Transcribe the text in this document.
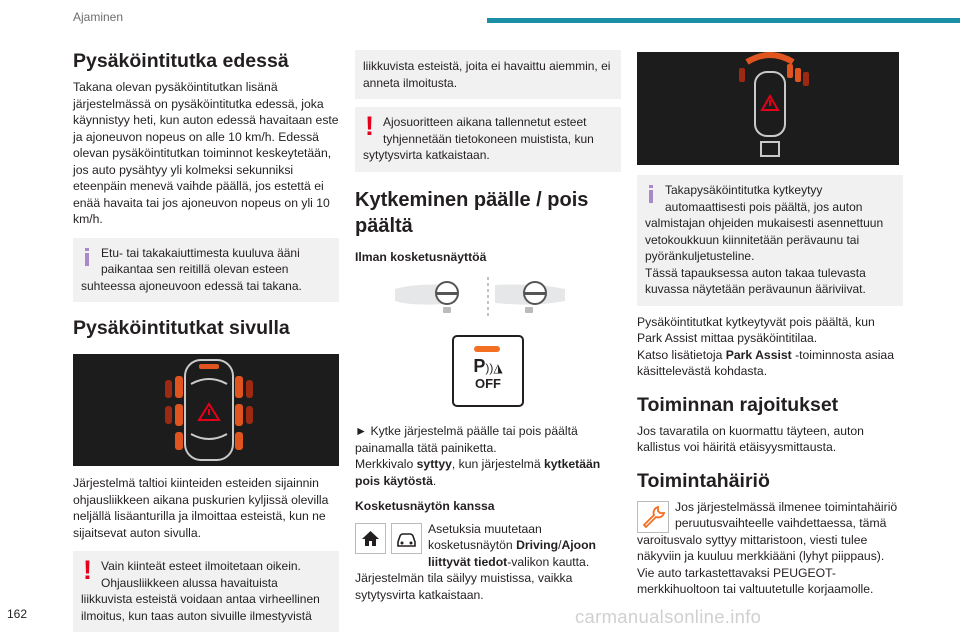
Ajaminen
Pysäköintitutka edessä

Takana olevan pysäköintitutkan lisänä järjestelmässä on pysäköintitutka edessä, joka käynnistyy heti, kun auton edessä havaitaan este ja ajoneuvon nopeus on alle 10 km/h. Edessä olevan pysäköintitutkan toiminnot keskeytetään, jos auto pysähtyy yli kolmeksi sekunniksi eteenpäin menevä vaihde päällä, jos estettä ei enää havaita tai jos ajoneuvon nopeus on yli 10 km/h.

Etu- tai takakaiuttimesta kuuluva ääni paikantaa sen reitillä olevan esteen
suhteessa ajoneuvoon edessä tai takana.
Pysäköintitutkat sivulla

Järjestelmä taltioi kiinteiden esteiden sijainnin ohjausliikkeen aikana puskurien kyljissä olevilla neljällä lisäanturilla ja ilmoittaa esteistä, kun ne sijaitsevat auton sivulla.

! Vain kiinteät esteet ilmoitetaan oikein. Ohjausliikkeen alussa havaituista
liikkuvista esteistä voidaan antaa virheellinen ilmoitus, kun taas auton sivuille ilmestyvistä
liikkuvista esteistä, joita ei havaittu aiemmin, ei anneta ilmoitusta.
! Ajosuoritteen aikana tallennetut esteet tyhjennetään tietokoneen muistista, kun
sytytysvirta katkaistaan.
Kytkeminen päälle / pois päältä

Ilman kosketusnäyttöä

P))◮
OFF

► Kytke järjestelmä päälle tai pois päältä painamalla tätä painiketta.

Merkkivalo syttyy, kun järjestelmä kytketään pois käytöstä.

Kosketusnäytön kanssa

Asetuksia muutetaan kosketusnäytön Driving/Ajoon liittyvät tiedot-valikon kautta.

Järjestelmän tila säilyy muistissa, vaikka sytytysvirta katkaistaan.

Takapysäköintitutka kytkeytyy automaattisesti pois päältä, jos auton
valmistajan ohjeiden mukaisesti asennettuun vetokoukkuun kiinnitetään perävaunu tai pyöränkuljetusteline.
Tässä tapauksessa auton takaa tulevasta kuvassa näytetään perävaunun ääriviivat.

Pysäköintitutkat kytkeytyvät pois päältä, kun Park Assist mittaa pysäköintitilaa.

Katso lisätietoja Park Assist -toiminnosta asiaa käsittelevästä kohdasta.

Toiminnan rajoitukset

Jos tavaratila on kuormattu täyteen, auton kallistus voi häiritä etäisyysmittausta.

Toimintahäiriö

Jos järjestelmässä ilmenee toimintahäiriö peruutusvaihteelle vaihdettaessa, tämä

varoitusvalo syttyy mittaristoon, viesti tulee näkyviin ja kuuluu merkkiääni (lyhyt piippaus). Vie auto tarkastettavaksi PEUGEOT-merkkihuoltoon tai valtuutetulle korjaamolle.

162	carmanualsonline.info
